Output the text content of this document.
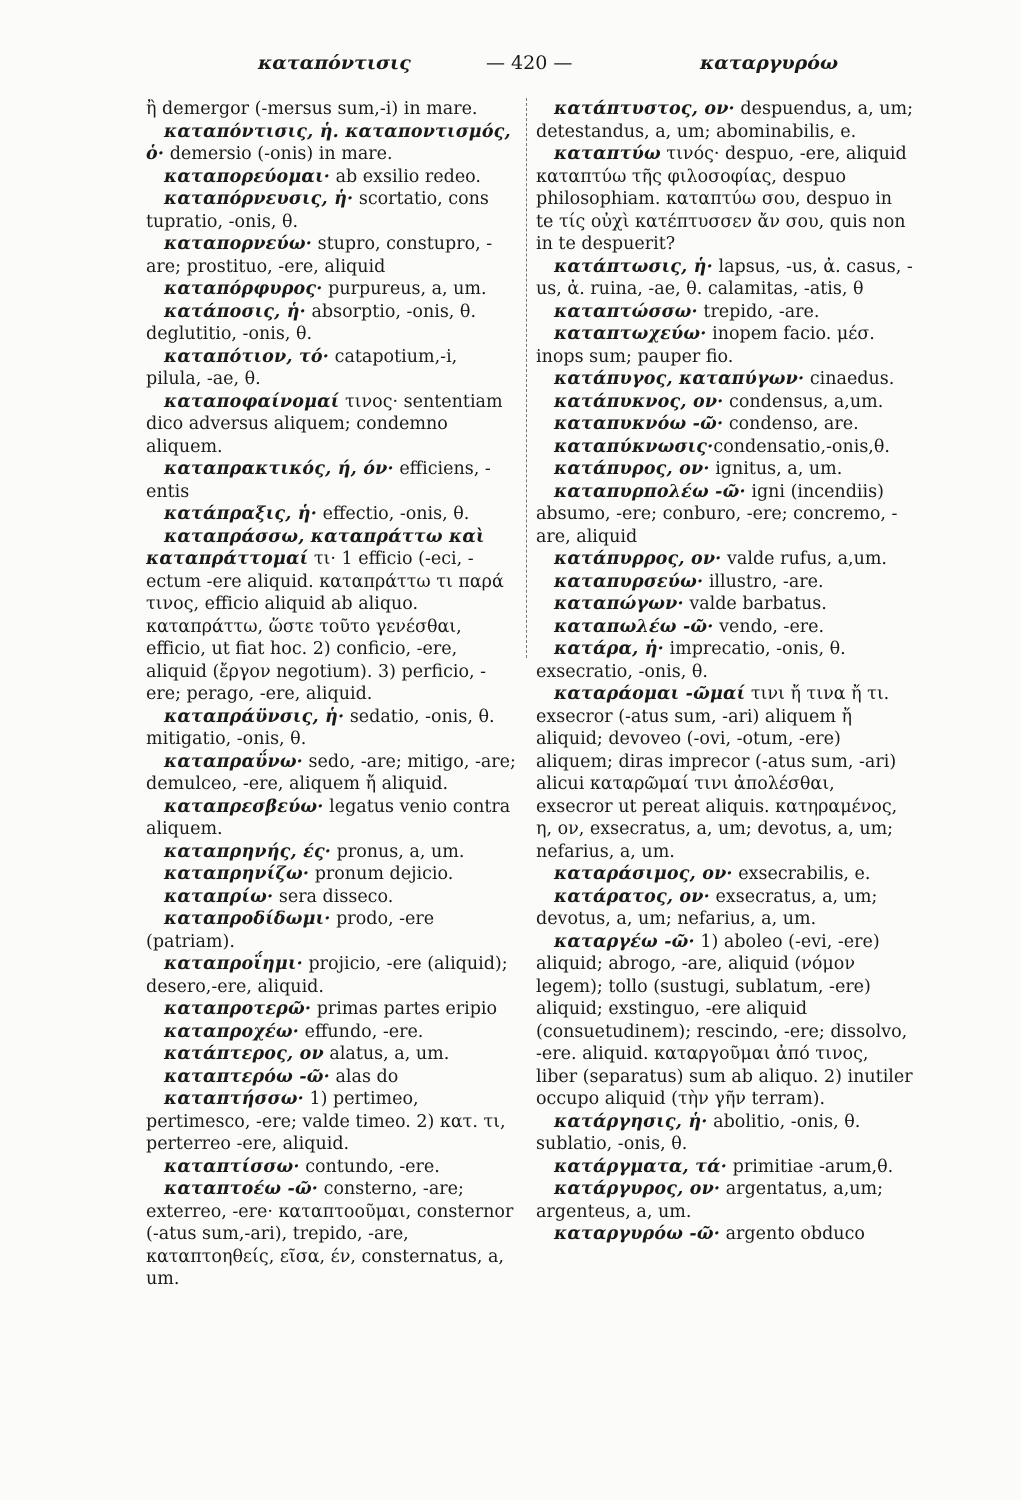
καταπόντισις	— 420 —	καταργυρόω

ἢ demergor (-mersus sum,-i) in mare.

καταπόντισις, ἡ. καταποντισμός, ὁ· demersio (-onis) in mare.

καταπορεύομαι· ab exsilio redeo.

καταπόρνευσις, ἡ· scortatio, cons tupratio, -onis, θ.

καταπορνεύω· stupro, constupro, -are; prostituo, -ere, aliquid

καταπόρφυρος· purpureus, a, um.

κατάποσις, ἡ· absorptio, -onis, θ. deglutitio, -onis, θ.

καταπότιον, τό· catapotium,-i, pilula, -ae, θ.

καταποφαίνομαί τινος· sententiam dico adversus aliquem; condemno aliquem.

καταπρακτικός, ή, όν· efficiens, -entis

κατάπραξις, ἡ· effectio, -onis, θ.

καταπράσσω, καταπράττω καὶ καταπράττομαί τι· 1 efficio (-eci, -ectum -ere aliquid. καταπράττω τι παρά τινος, efficio aliquid ab aliquo. καταπράττω, ὥστε τοῦτο γενέσθαι, efficio, ut fiat hoc. 2) conficio, -ere, aliquid (ἔργον negotium). 3) perficio, -ere; perago, -ere, aliquid.

καταπράϋνσις, ἡ· sedatio, -onis, θ. mitigatio, -onis, θ.

καταπραΰνω· sedo, -are; mitigo, -are; demulceo, -ere, aliquem ἤ aliquid.

καταπρεσβεύω· legatus venio contra aliquem.

καταπρηνής, ές· pronus, a, um.

καταπρηνίζω· pronum dejicio.

καταπρίω· sera disseco.

καταπροδίδωμι· prodo, -ere (patriam).

καταπροΐημι· projicio, -ere (aliquid); desero,-ere, aliquid.

καταπροτερῶ· primas partes eripio

καταπροχέω· effundo, -ere.

κατάπτερος, ον alatus, a, um.

καταπτερόω -ῶ· alas do

καταπτήσσω· 1) pertimeo, pertimesco, -ere; valde timeo. 2) κατ. τι, perterreo -ere, aliquid.

καταπτίσσω· contundo, -ere.

καταπτοέω -ῶ· consterno, -are; exterreo, -ere· καταπτοοῦμαι, consternor (-atus sum,-ari), trepido, -are, καταπτοηθείς, εῖσα, έν, consternatus, a, um.

κατάπτυστος, ον· despuendus, a, um; detestandus, a, um; abominabilis, e.

καταπτύω τινός· despuo, -ere, aliquid καταπτύω τῆς φιλοσοφίας, despuo philosophiam. καταπτύω σου, despuo in te τίς οὐχὶ κατέπτυσσεν ἄν σου, quis non in te despuerit?

κατάπτωσις, ἡ· lapsus, -us, ἀ. casus, -us, ἀ. ruina, -ae, θ. calamitas, -atis, θ

καταπτώσσω· trepido, -are.

καταπτωχεύω· inopem facio. μέσ. inops sum; pauper fio.

κατάπυγος, καταπύγων· cinaedus.

κατάπυκνος, ον· condensus, a,um.

καταπυκνόω -ῶ· condenso, are.

καταπύκνωσις·condensatio,-onis,θ.

κατάπυρος, ον· ignitus, a, um.

καταπυρπολέω -ῶ· igni (incendiis) absumo, -ere; conburo, -ere; concremo, -are, aliquid

κατάπυρρος, ον· valde rufus, a,um.

καταπυρσεύω· illustro, -are.

καταπώγων· valde barbatus.

καταπωλέω -ῶ· vendo, -ere.

κατάρα, ἡ· imprecatio, -onis, θ. exsecratio, -onis, θ.

καταράομαι -ῶμαί τινι ἤ τινα ἤ τι. exsecror (-atus sum, -ari) aliquem ἤ aliquid; devoveo (-ovi, -otum, -ere) aliquem; diras imprecor (-atus sum, -ari) alicui καταρῶμαί τινι ἀπολέσθαι, exsecror ut pereat aliquis. κατηραμένος, η, ον, exsecratus, a, um; devotus, a, um; nefarius, a, um.

καταράσιμος, ον· exsecrabilis, e.

κατάρατος, ον· exsecratus, a, um; devotus, a, um; nefarius, a, um.

καταργέω -ῶ· 1) aboleo (-evi, -ere) aliquid; abrogo, -are, aliquid (νόμον legem); tollo (sustugi, sublatum, -ere) aliquid; exstinguo, -ere aliquid (consuetudinem); rescindo, -ere; dissolvo, -ere. aliquid. καταργοῦμαι ἀπό τινος, liber (separatus) sum ab aliquo. 2) inutiler occupo aliquid (τὴν γῆν terram).

κατάργησις, ἡ· abolitio, -onis, θ. sublatio, -onis, θ.

κατάργματα, τά· primitiae -arum,θ.

κατάργυρος, ον· argentatus, a,um; argenteus, a, um.

καταργυρόω -ῶ· argento obduco
